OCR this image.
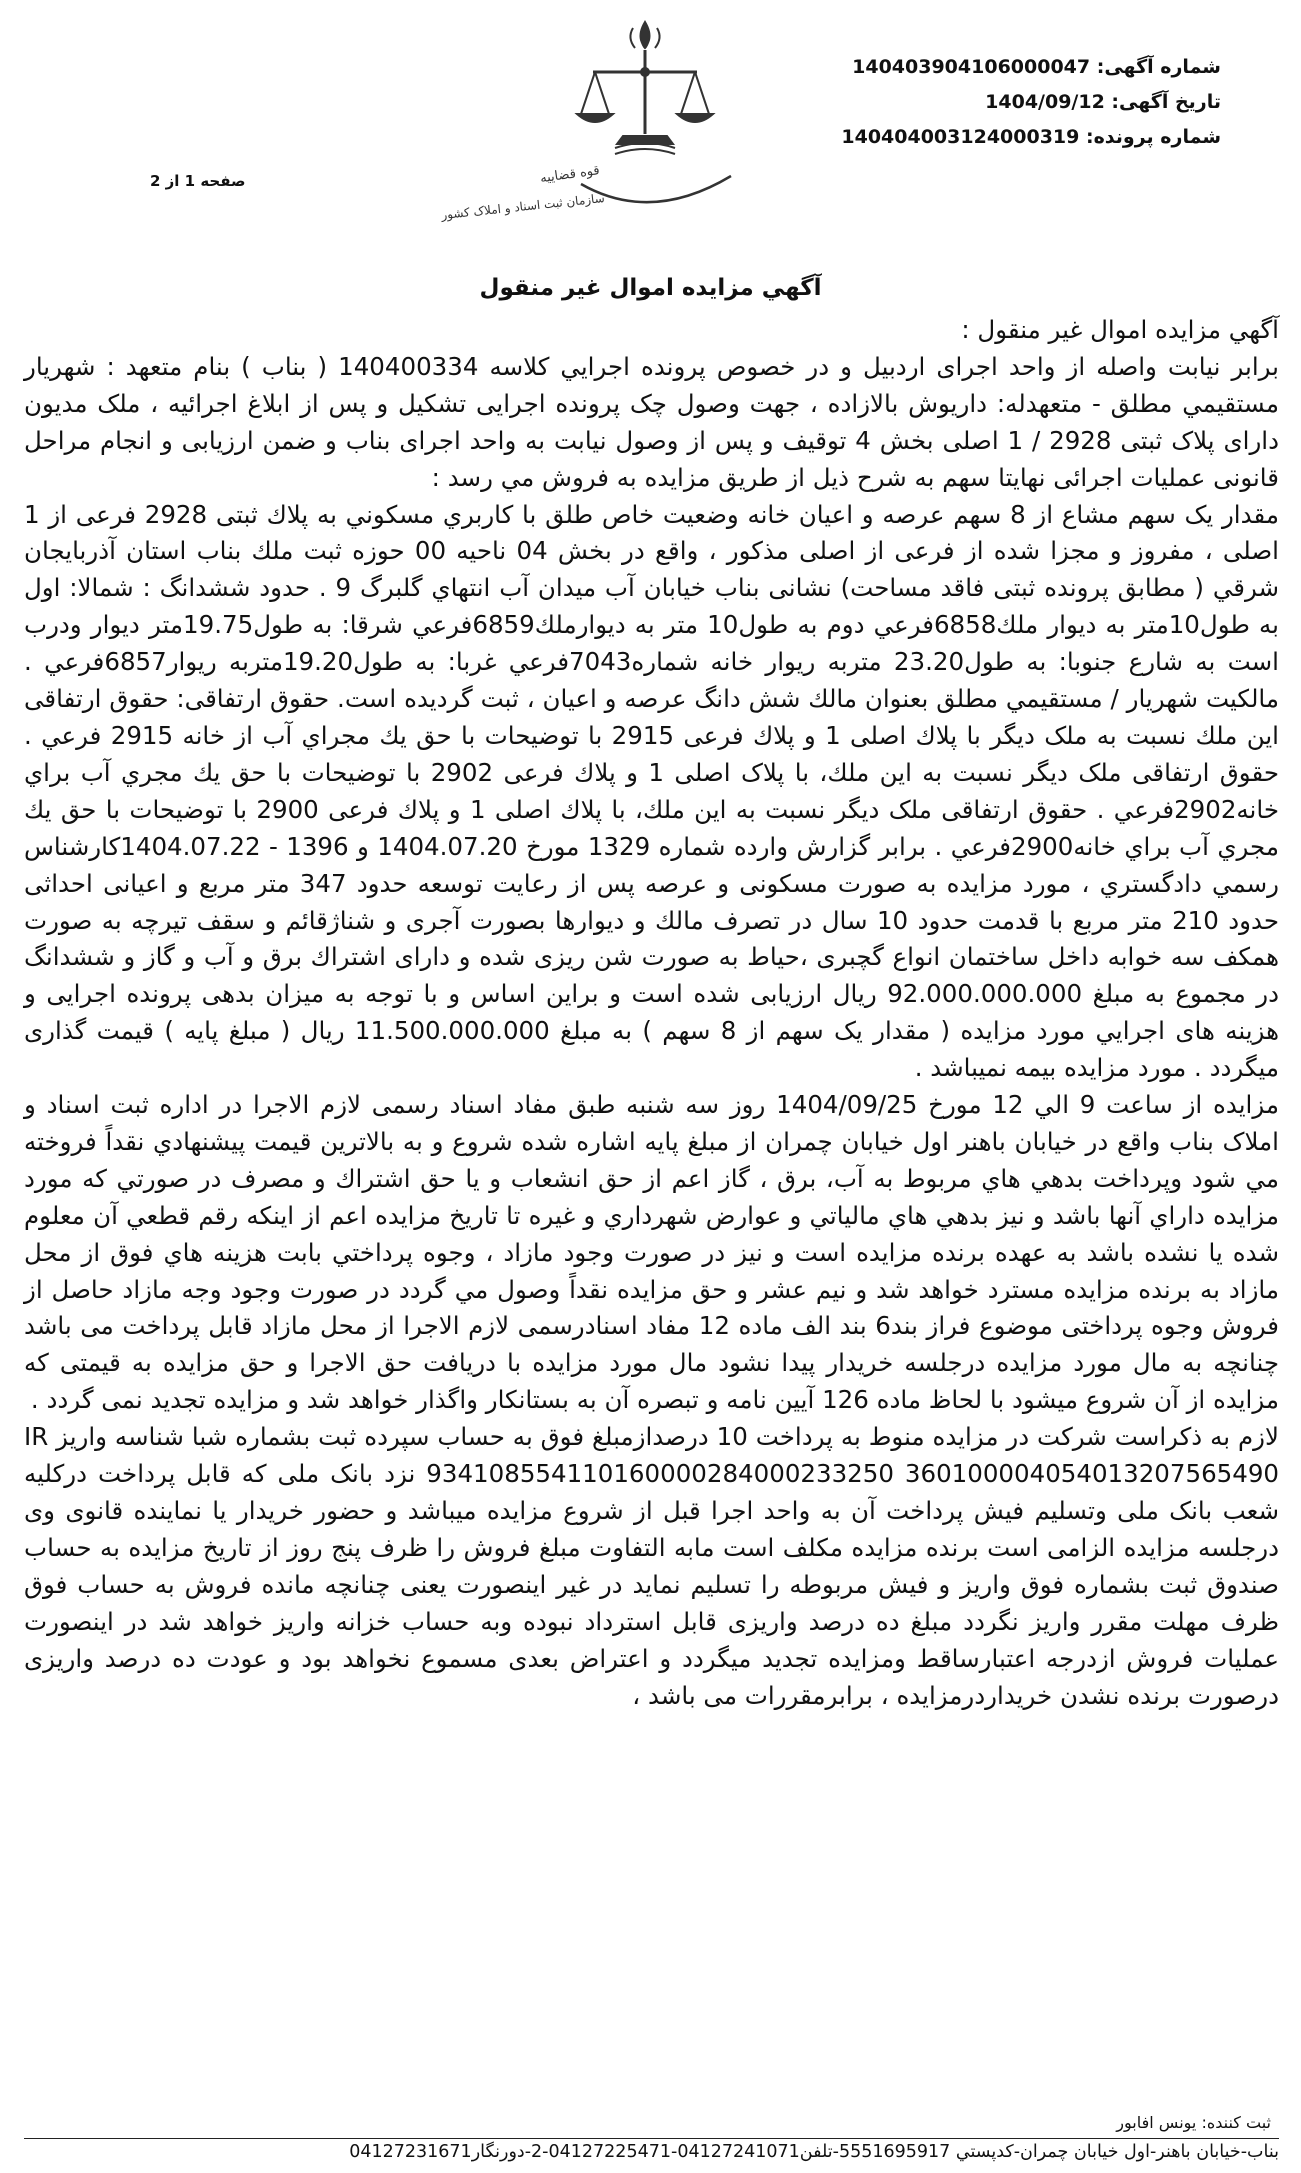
شماره آگهی: 14040390410600004‎7
تاریخ آگهی: 1404/09/12
شماره پرونده: 14040400312400031‎9
قوه قضاییه
سازمان ثبت اسناد و املاک کشور
صفحه 1 از 2
آگهي مزايده اموال غير منقول

آگهي مزايده اموال غير منقول :

برابر نيابت واصله از واحد اجرای اردبيل و در خصوص پرونده اجرايي كلاسه 140400334 ( بناب ) بنام متعهد : شهريار مستقيمي مطلق - متعهدله: داريوش بالازاده ، جهت وصول چک پرونده اجرايی تشکيل و پس از ابلاغ اجرائيه ، ملک مديون دارای پلاک ثبتی 2928 / 1 اصلی بخش 4 توقيف و پس از وصول نيابت به واحد اجرای بناب و ضمن ارزيابی و انجام مراحل قانونی عمليات اجرائی نهايتا سهم به شرح ذيل از طريق مزايده به فروش مي رسد :

مقدار يک سهم مشاع از 8 سهم عرصه و اعيان خانه وضعيت خاص طلق با كاربري مسكوني به پلاك ثبتی 2928 فرعی از 1 اصلی ، مفروز و مجزا شده از فرعی از اصلی مذكور ، واقع در بخش 04 ناحيه 00 حوزه ثبت ملك بناب استان آذربايجان شرقي ( مطابق پرونده ثبتی فاقد مساحت) نشانی بناب خيابان آب ميدان آب انتهاي گلبرگ 9 . حدود ششدانگ : شمالا: اول به طول10متر به ديوار ملك6858فرعي دوم به طول10 متر به ديوارملك6859فرعي شرقا: به طول19.75متر ديوار ودرب است به شارع جنوبا: به طول23.20 متربه ريوار خانه شماره7043فرعي غربا: به طول19.20متربه ريوار6857فرعي . مالكيت شهريار / مستقيمي مطلق بعنوان مالك شش دانگ عرصه و اعيان ، ثبت گرديده است. حقوق ارتفاقی: حقوق ارتفاقی اين ملك نسبت به ملک ديگر با پلاك اصلی 1 و پلاك فرعی 2915 با توضيحات با حق يك مجراي آب از خانه 2915 فرعي . حقوق ارتفاقی ملک ديگر نسبت به اين ملك، با پلاک اصلی 1 و پلاك فرعی 2902 با توضيحات با حق يك مجري آب براي خانه2902فرعي . حقوق ارتفاقی ملک ديگر نسبت به اين ملك، با پلاك اصلی 1 و پلاك فرعی 2900 با توضيحات با حق يك مجري آب براي خانه2900فرعي . برابر گزارش وارده شماره 1329 مورخ 1404.07.20 و 1396 - 1404.07.22كارشناس رسمي دادگستري ، مورد مزايده به صورت مسكونی و عرصه پس از رعايت توسعه حدود 347 متر مربع و اعيانی احداثی حدود 210 متر مربع با قدمت حدود 10 سال در تصرف مالك و ديوارها بصورت آجری و شناژقائم و سقف تيرچه به صورت همكف سه خوابه داخل ساختمان انواع گچبری ،حياط به صورت شن ريزی شده و دارای اشتراك برق و آب و گاز و ششدانگ در مجموع به مبلغ 92.000.000.000 ريال ارزيابی شده است و براين اساس و با توجه به ميزان بدهی پرونده اجرايی و هزينه های اجرايي مورد مزايده ( مقدار يک سهم از 8 سهم ) به مبلغ 11.500.000.000 ريال ( مبلغ پايه ) قيمت گذاری ميگردد . مورد مزايده بيمه نميباشد .

مزايده از ساعت 9 الي 12 مورخ 1404/09/25 روز سه شنبه طبق مفاد اسناد رسمی لازم الاجرا در اداره ثبت اسناد و املاک بناب واقع در خيابان باهنر اول خيابان چمران از مبلغ پايه اشاره شده شروع و به بالاترين قيمت پيشنهادي نقداً فروخته مي شود وپرداخت بدهي هاي مربوط به آب، برق ، گاز اعم از حق انشعاب و يا حق اشتراك و مصرف در صورتي كه مورد مزايده داراي آنها باشد و نيز بدهي هاي مالياتي و عوارض شهرداري و غيره تا تاريخ مزايده اعم از اينكه رقم قطعي آن معلوم شده يا نشده باشد به عهده برنده مزايده است و نيز در صورت وجود مازاد ، وجوه پرداختي بابت هزينه هاي فوق از محل مازاد به برنده مزايده مسترد خواهد شد و نيم عشر و حق مزايده نقداً وصول مي گردد در صورت وجود وجه مازاد حاصل از فروش وجوه پرداختی موضوع فراز بند6 بند الف ماده 12 مفاد اسنادرسمی لازم الاجرا از محل مازاد قابل پرداخت می باشد چنانچه به مال مورد مزايده درجلسه خريدار پيدا نشود مال مورد مزايده با دريافت حق الاجرا و حق مزايده به قيمتی كه مزايده از آن شروع ميشود با لحاظ ماده 126 آيين نامه و تبصره آن به بستانكار واگذار خواهد شد و مزايده تجديد نمی گردد .

لازم به ذكراست شركت در مزايده منوط به پرداخت 10 درصدازمبلغ فوق به حساب سپرده ثبت بشماره شبا شناسه واريز IR 360100004054013207565490 934108554110160000284000233250 نزد بانک ملی كه قابل پرداخت دركليه شعب بانک ملی وتسليم فيش پرداخت آن به واحد اجرا قبل از شروع مزايده ميباشد و حضور خريدار يا نماينده قانوی وی درجلسه مزايده الزامی است برنده مزايده مكلف است مابه التفاوت مبلغ فروش را ظرف پنج روز از تاريخ مزايده به حساب صندوق ثبت بشماره فوق واريز و فيش مربوطه را تسليم نمايد در غير اينصورت يعنی چنانچه مانده فروش به حساب فوق ظرف مهلت مقرر واريز نگردد مبلغ ده درصد واريزی قابل استرداد نبوده وبه حساب خزانه واريز خواهد شد در اينصورت عمليات فروش ازدرجه اعتبارساقط ومزايده تجديد ميگردد و اعتراض بعدی مسموع نخواهد بود و عودت ده درصد واريزی درصورت برنده نشدن خريداردرمزايده ، برابرمقررات می باشد ،

ثبت كننده: يونس افابور
بناب-خيابان باهنر-اول خيابان چمران-كدپستي 5551695917-تلفن04127241071-04127225471-2-دورنگار04127231671
